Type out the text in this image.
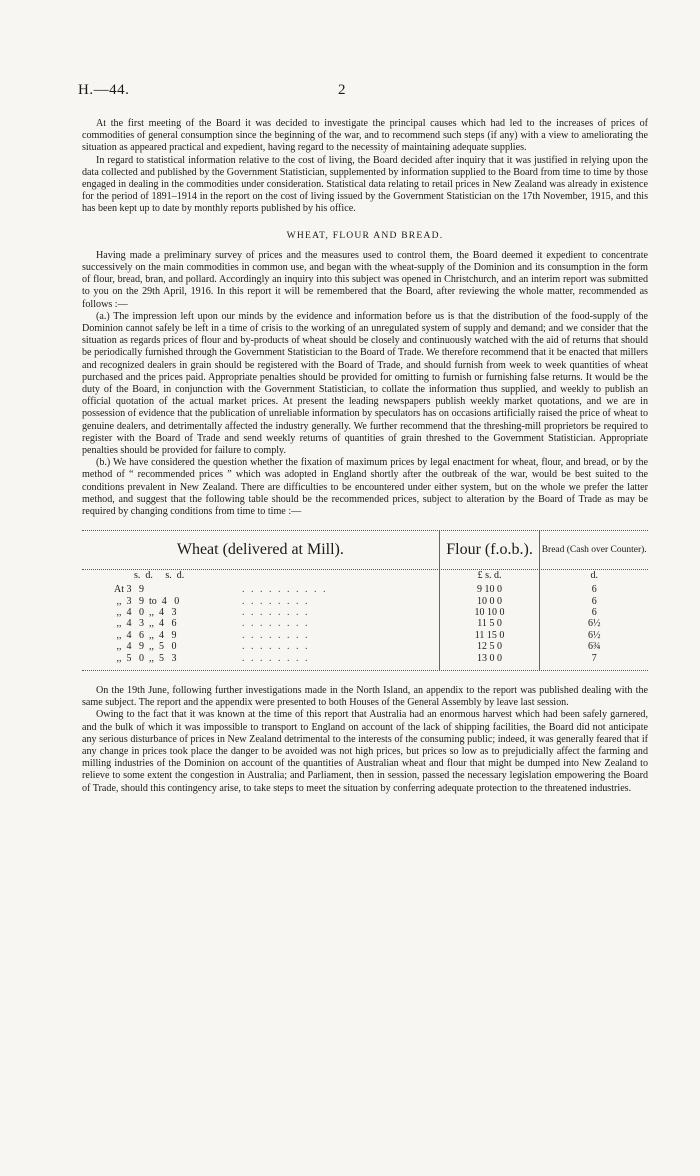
H.—44.	2

At the first meeting of the Board it was decided to investigate the principal causes which had led to the increases of prices of commodities of general consumption since the beginning of the war, and to recommend such steps (if any) with a view to ameliorating the situation as appeared practical and expedient, having regard to the necessity of maintaining adequate supplies.

In regard to statistical information relative to the cost of living, the Board decided after inquiry that it was justified in relying upon the data collected and published by the Government Statistician, supplemented by information supplied to the Board from time to time by those engaged in dealing in the commodities under consideration. Statistical data relating to retail prices in New Zealand was already in existence for the period of 1891–1914 in the report on the cost of living issued by the Government Statistician on the 17th November, 1915, and this has been kept up to date by monthly reports published by his office.

WHEAT, FLOUR AND BREAD.

Having made a preliminary survey of prices and the measures used to control them, the Board deemed it expedient to concentrate successively on the main commodities in common use, and began with the wheat-supply of the Dominion and its consumption in the form of flour, bread, bran, and pollard. Accordingly an inquiry into this subject was opened in Christchurch, and an interim report was submitted to you on the 29th April, 1916. In this report it will be remembered that the Board, after reviewing the whole matter, recommended as follows :—

(a.) The impression left upon our minds by the evidence and information before us is that the distribution of the food-supply of the Dominion cannot safely be left in a time of crisis to the working of an unregulated system of supply and demand; and we consider that the situation as regards prices of flour and by-products of wheat should be closely and continuously watched with the aid of returns that should be periodically furnished through the Government Statistician to the Board of Trade. We therefore recommend that it be enacted that millers and recognized dealers in grain should be registered with the Board of Trade, and should furnish from week to week quantities of wheat purchased and the prices paid. Appropriate penalties should be provided for omitting to furnish or furnishing false returns. It would be the duty of the Board, in conjunction with the Government Statistician, to collate the information thus supplied, and weekly to publish an official quotation of the actual market prices. At present the leading newspapers publish weekly market quotations, and we are in possession of evidence that the publication of unreliable information by speculators has on occasions artificially raised the price of wheat to genuine dealers, and detrimentally affected the industry generally. We further recommend that the threshing-mill proprietors be required to register with the Board of Trade and send weekly returns of quantities of grain threshed to the Government Statistician. Appropriate penalties should be provided for failure to comply.

(b.) We have considered the question whether the fixation of maximum prices by legal enactment for wheat, flour, and bread, or by the method of “ recommended prices ” which was adopted in England shortly after the outbreak of the war, would be best suited to the conditions prevalent in New Zealand. There are difficulties to be encountered under either system, but on the whole we prefer the latter method, and suggest that the following table should be the recommended prices, subject to alteration by the Board of Trade as may be required by changing conditions from time to time :—

Wheat (delivered at Mill).	Flour (f.o.b.). Bread (Cash over Counter).
s.  d.     s.  d.	£ s. d.	d.
At 3   9	. . . . . . . . . .	9 10 0	6
,,  3   9  to  4   0	. . . . . . . .	10 0 0	6
,,  4   0  ,,  4   3	. . . . . . . .	10 10 0	6
,,  4   3  ,,  4   6	. . . . . . . .	11 5 0	6½
,,  4   6  ,,  4   9	. . . . . . . .	11 15 0	6½
,,  4   9  ,,  5   0	. . . . . . . .	12 5 0	6¾
,,  5   0  ,,  5   3	. . . . . . . .	13 0 0	7

On the 19th June, following further investigations made in the North Island, an appendix to the report was published dealing with the same subject. The report and the appendix were presented to both Houses of the General Assembly by leave last session.

Owing to the fact that it was known at the time of this report that Australia had an enormous harvest which had been safely garnered, and the bulk of which it was impossible to transport to England on account of the lack of shipping facilities, the Board did not anticipate any serious disturbance of prices in New Zealand detrimental to the interests of the consuming public; indeed, it was generally feared that if any change in prices took place the danger to be avoided was not high prices, but prices so low as to prejudicially affect the farming and milling industries of the Dominion on account of the quantities of Australian wheat and flour that might be dumped into New Zealand to relieve to some extent the congestion in Australia; and Parliament, then in session, passed the necessary legislation empowering the Board of Trade, should this contingency arise, to take steps to meet the situation by conferring adequate protection to the threatened industries.
